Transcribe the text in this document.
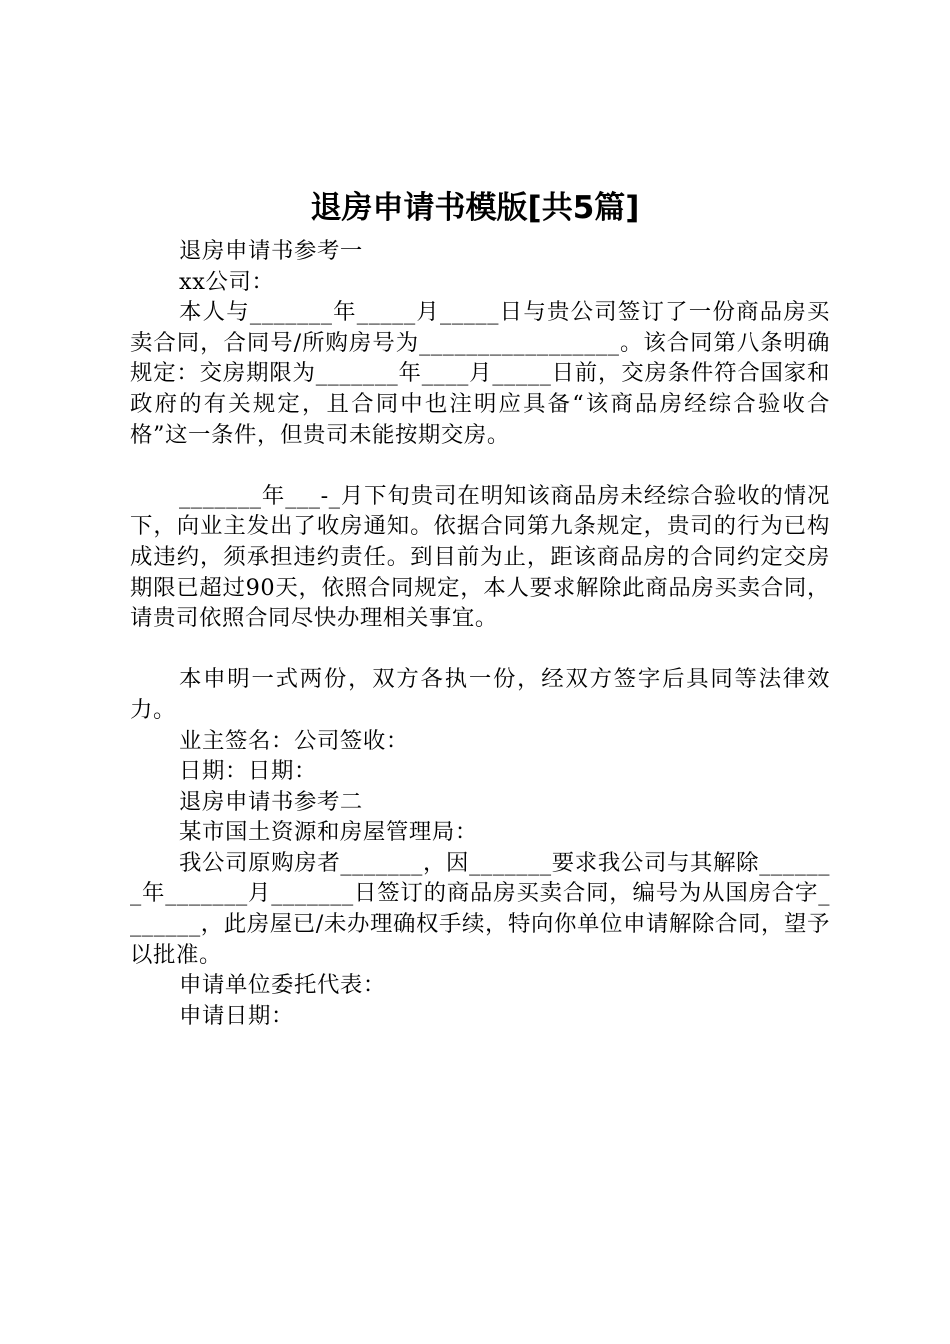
退房申请书模版[共5篇]

退房申请书参考一

xx公司：

本人与_______年_____月_____日与贵公司签订了一份商品房买卖合同，合同号/所购房号为_________________。该合同第八条明确规定：交房期限为_______年____月_____日前，交房条件符合国家和政府的有关规定，且合同中也注明应具备“该商品房经综合验收合格”这一条件，但贵司未能按期交房。

_______年___-_月下旬贵司在明知该商品房未经综合验收的情况下，向业主发出了收房通知。依据合同第九条规定，贵司的行为已构成违约，须承担违约责任。到目前为止，距该商品房的合同约定交房期限已超过90天，依照合同规定，本人要求解除此商品房买卖合同，请贵司依照合同尽快办理相关事宜。

本申明一式两份，双方各执一份，经双方签字后具同等法律效力。

业主签名：公司签收：

日期：日期：

退房申请书参考二

某市国土资源和房屋管理局：

我公司原购房者_______，因_______要求我公司与其解除_______年_______月_______日签订的商品房买卖合同，编号为从国房合字_______，此房屋已/未办理确权手续，特向你单位申请解除合同，望予以批准。

申请单位委托代表：

申请日期：
